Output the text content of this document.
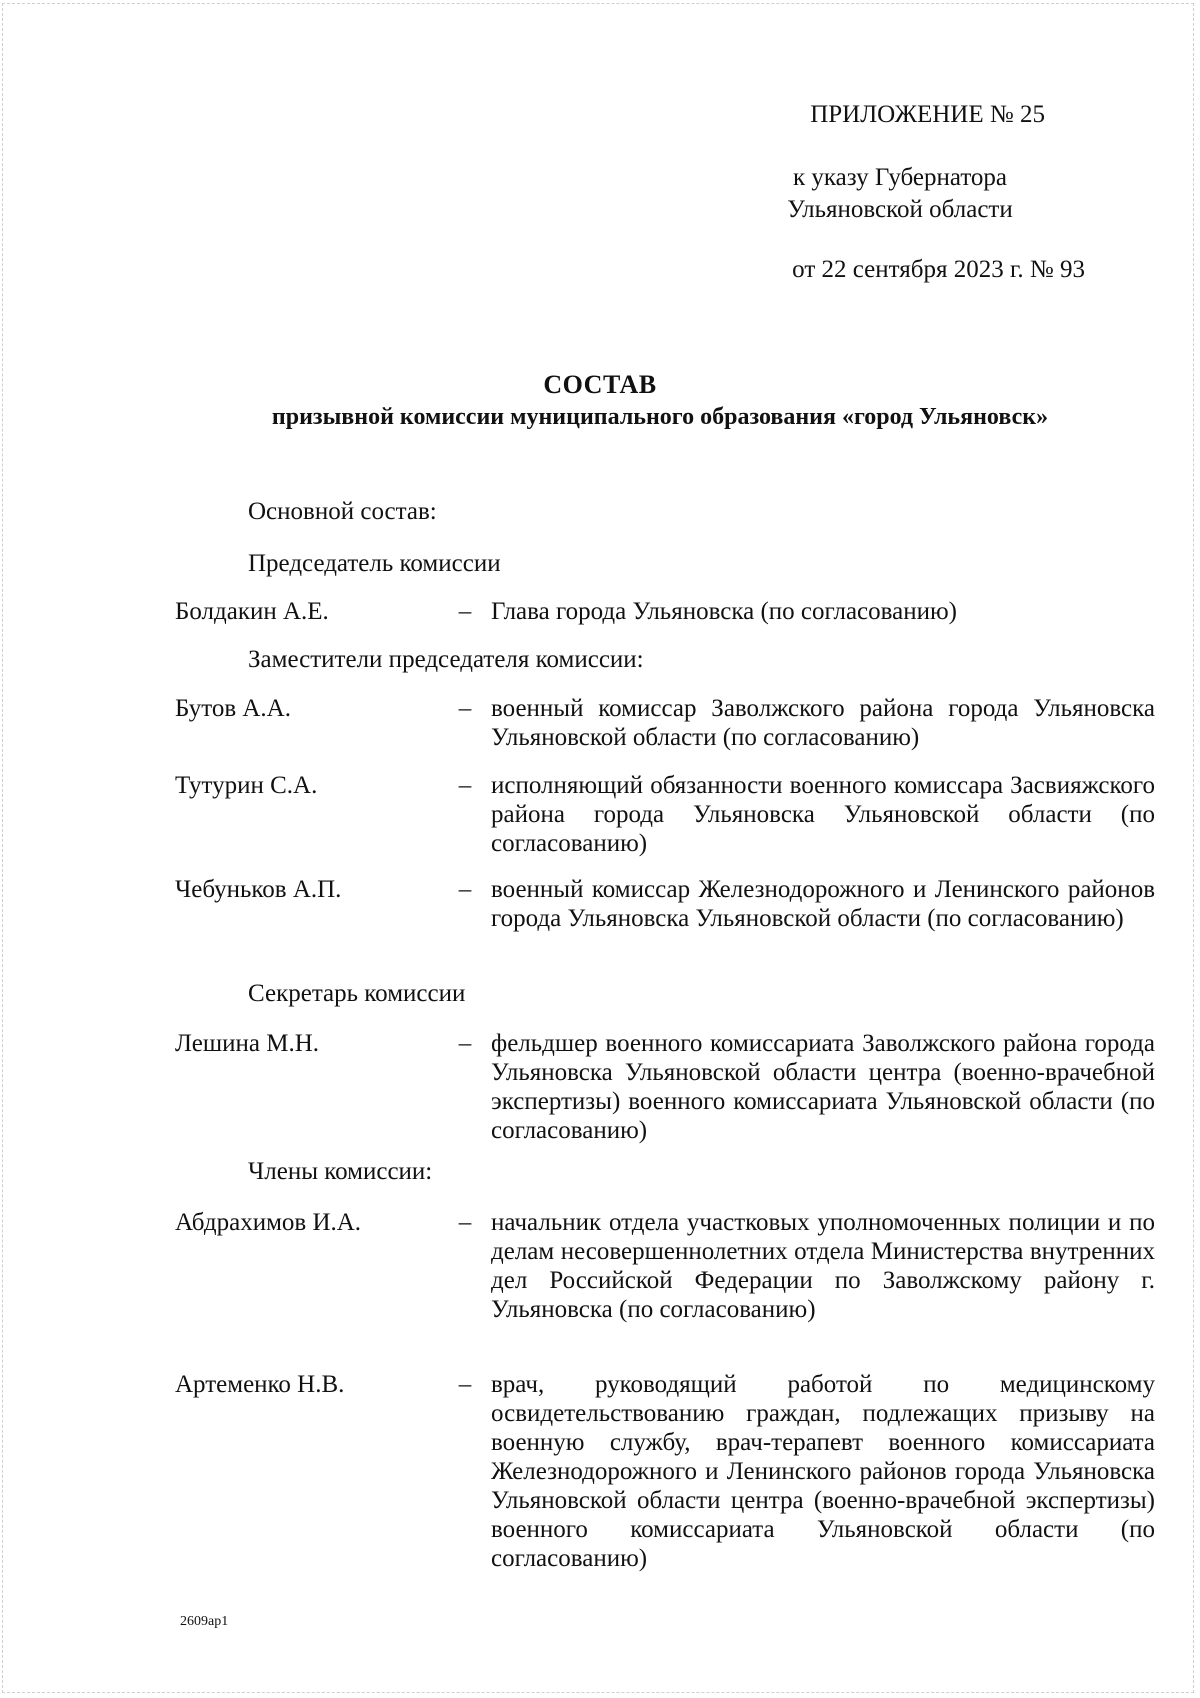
ПРИЛОЖЕНИЕ № 25
к указу Губернатора
Ульяновской области
от 22 сентября 2023 г. № 93
СОСТАВ
призывной комиссии муниципального образования «город Ульяновск»
Основной состав:
Председатель комиссии
Болдакин А.Е.	– Глава города Ульяновска (по согласованию)
Заместители председателя комиссии:
Бутов А.А.	– военный комиссар Заволжского района города Ульяновска Ульяновской области (по согласованию)
Тутурин С.А.	– исполняющий обязанности военного комиссара Засвияжского района города Ульяновска Ульяновской области (по согласованию)
Чебуньков А.П.	– военный комиссар Железнодорожного и Ленинского районов города Ульяновска Ульяновской области (по согласованию)
Секретарь комиссии
Лешина М.Н.	– фельдшер военного комиссариата Заволжского района города Ульяновска Ульяновской области центра (военно-врачебной экспертизы) военного комиссариата Ульяновской области (по согласованию)
Члены комиссии:
Абдрахимов И.А.	– начальник отдела участковых уполномоченных полиции и по делам несовершеннолетних отдела Министерства внутренних дел Российской Федерации по Заволжскому району г. Ульяновска (по согласованию)
Артеменко Н.В.	– врач, руководящий работой по медицинскому освидетельствованию граждан, подлежащих призыву на военную службу, врач-терапевт военного комиссариата Железнодорожного и Ленинского районов города Ульяновска Ульяновской области центра (военно-врачебной экспертизы) военного комиссариата Ульяновской области (по согласованию)
2609ap1
